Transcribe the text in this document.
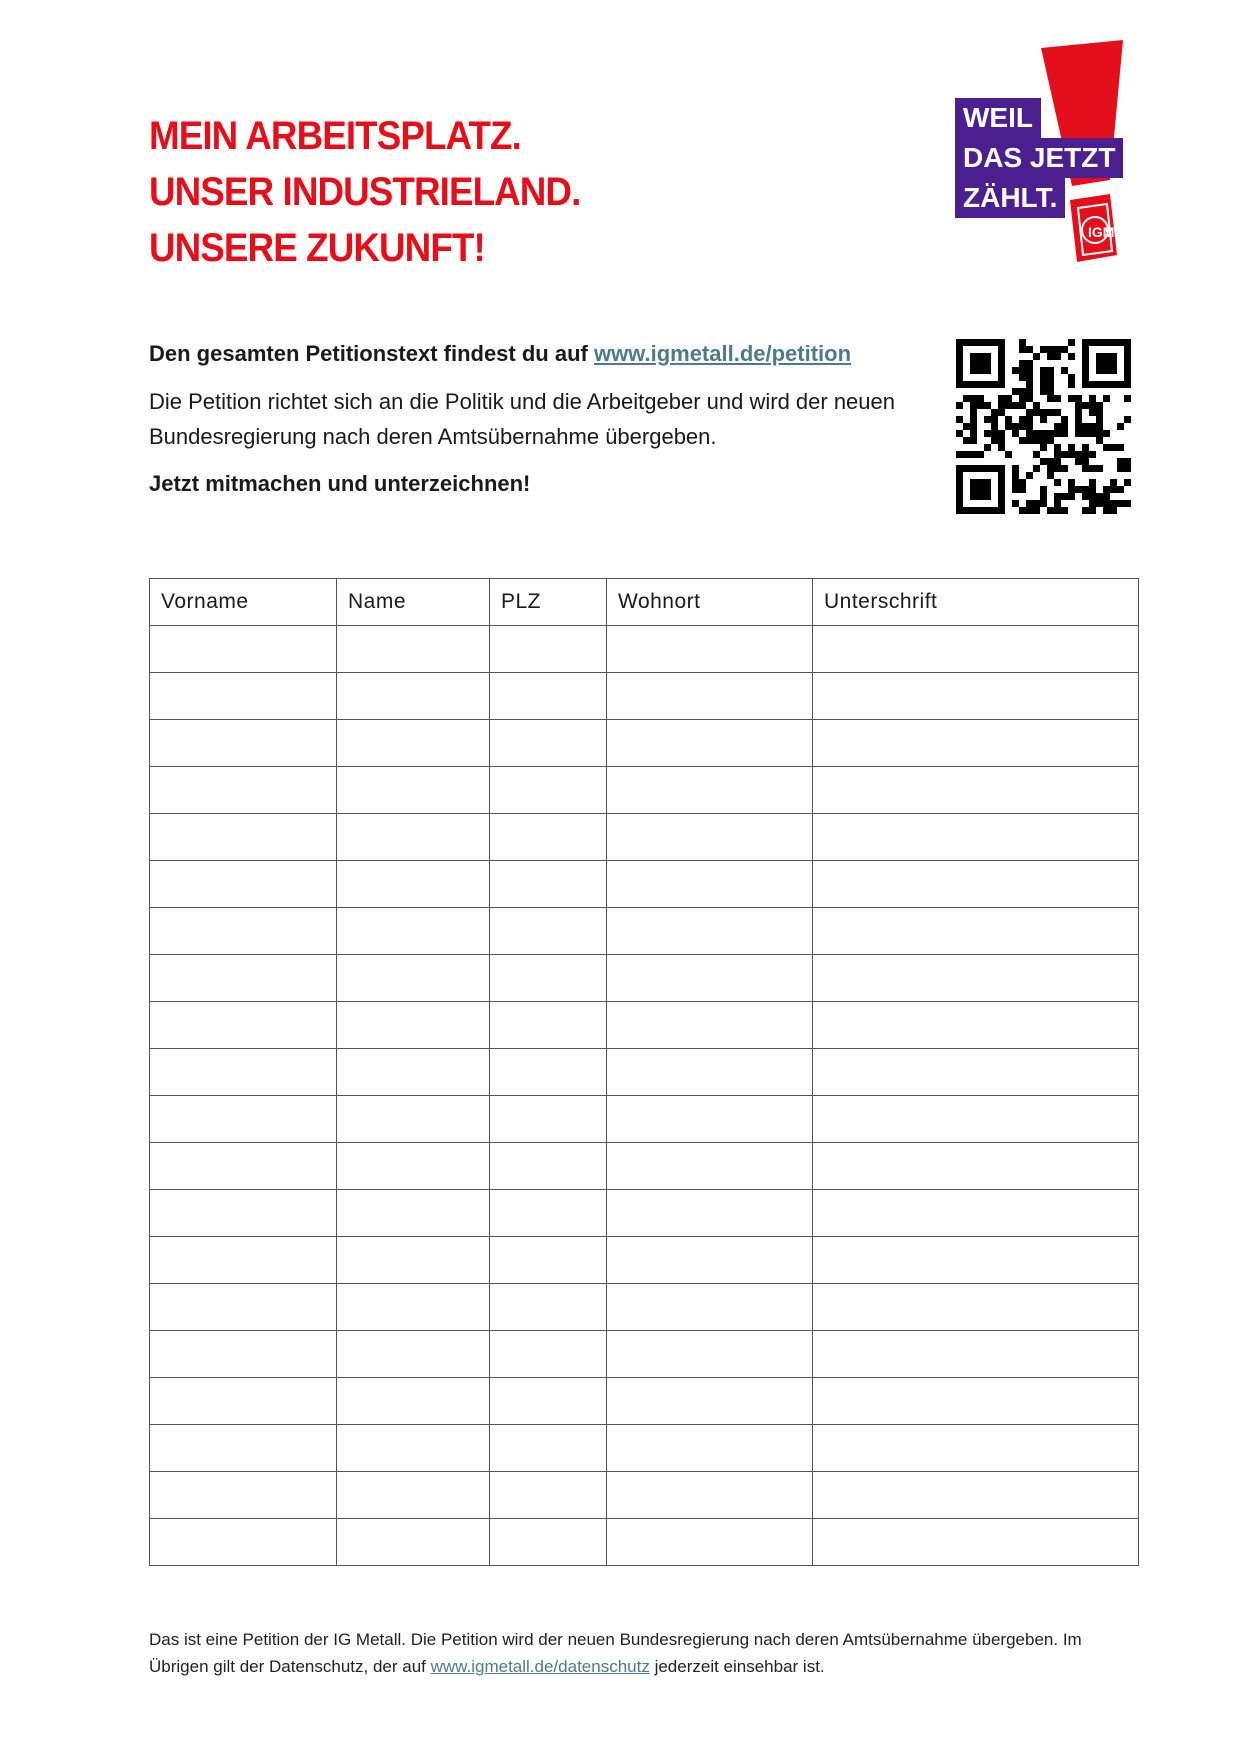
MEIN ARBEITSPLATZ.
UNSER INDUSTRIELAND.
UNSERE ZUKUNFT!	IGM
WEIL
DAS JETZT
ZÄHLT.

Den gesamten Petitionstext findest du auf www.igmetall.de/petition

Die Petition richtet sich an die Politik und die Arbeitgeber und wird der neuen Bundesregierung nach deren Amtsübernahme übergeben.

Jetzt mitmachen und unterzeichnen!

Vorname	Name	PLZ	Wohnort	Unterschrift

Das ist eine Petition der IG Metall. Die Petition wird der neuen Bundesregierung nach deren Amtsübernahme übergeben. Im Übrigen gilt der Datenschutz, der auf www.igmetall.de/datenschutz jederzeit einsehbar ist.
